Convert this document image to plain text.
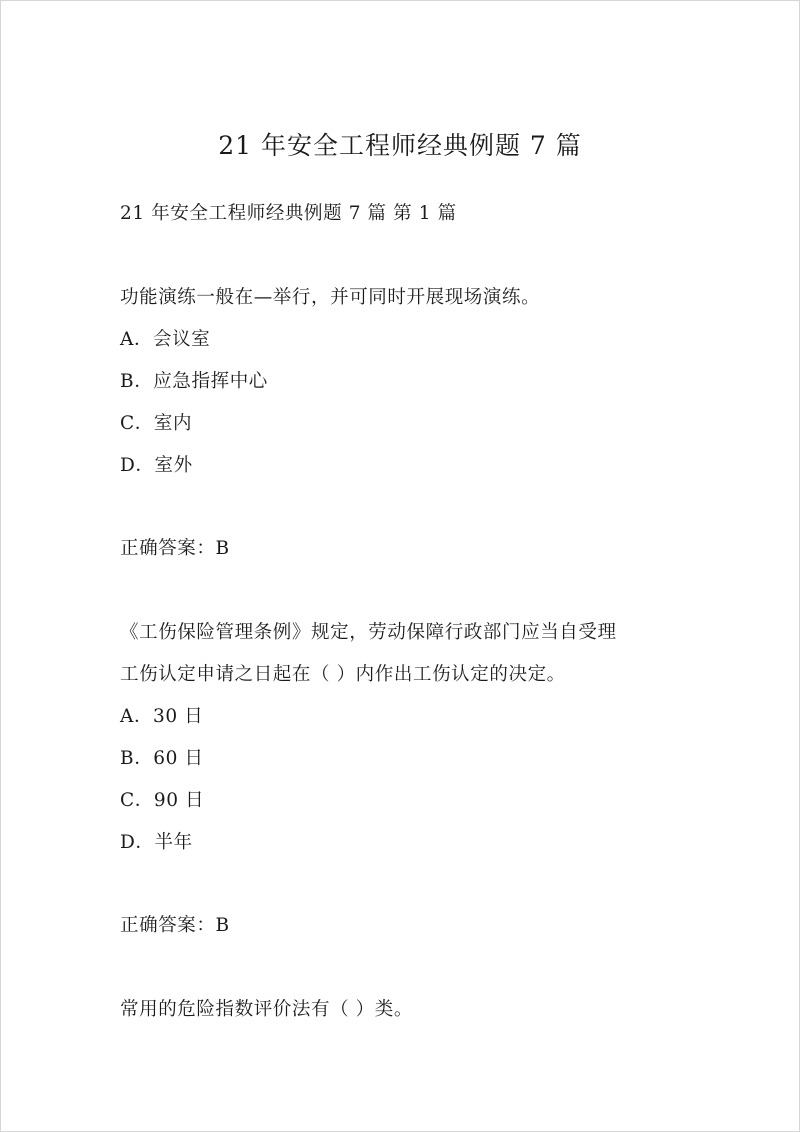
21 年安全工程师经典例题 7 篇
21 年安全工程师经典例题 7 篇 第 1 篇
功能演练一般在—举行，并可同时开展现场演练。
A．会议室
B．应急指挥中心
C．室内
D．室外
正确答案：B
《工伤保险管理条例》规定，劳动保障行政部门应当自受理
工伤认定申请之日起在（ ）内作出工伤认定的决定。
A．30 日
B．60 日
C．90 日
D．半年
正确答案：B
常用的危险指数评价法有（ ）类。
